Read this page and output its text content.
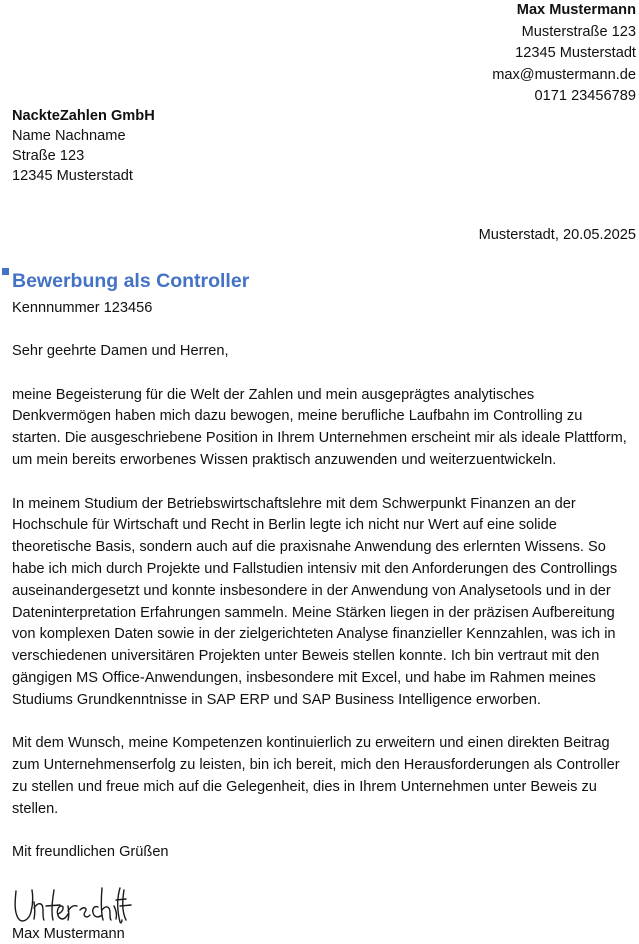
Max Mustermann
Musterstraße 123
12345 Musterstadt
max@mustermann.de
0171 23456789
NackteZahlen GmbH
Name Nachname
Straße 123
12345 Musterstadt
Musterstadt, 20.05.2025
Bewerbung als Controller
Kennnummer 123456

Sehr geehrte Damen und Herren,

meine Begeisterung für die Welt der Zahlen und mein ausgeprägtes analytisches Denkvermögen haben mich dazu bewogen, meine berufliche Laufbahn im Controlling zu starten. Die ausgeschriebene Position in Ihrem Unternehmen erscheint mir als ideale Plattform, um mein bereits erworbenes Wissen praktisch anzuwenden und weiterzuentwickeln.

In meinem Studium der Betriebswirtschaftslehre mit dem Schwerpunkt Finanzen an der Hochschule für Wirtschaft und Recht in Berlin legte ich nicht nur Wert auf eine solide theoretische Basis, sondern auch auf die praxisnahe Anwendung des erlernten Wissens. So habe ich mich durch Projekte und Fallstudien intensiv mit den Anforderungen des Controllings auseinandergesetzt und konnte insbesondere in der Anwendung von Analysetools und in der Dateninterpretation Erfahrungen sammeln. Meine Stärken liegen in der präzisen Aufbereitung von komplexen Daten sowie in der zielgerichteten Analyse finanzieller Kennzahlen, was ich in verschiedenen universitären Projekten unter Beweis stellen konnte. Ich bin vertraut mit den gängigen MS Office-Anwendungen, insbesondere mit Excel, und habe im Rahmen meines Studiums Grundkenntnisse in SAP ERP und SAP Business Intelligence erworben.

Mit dem Wunsch, meine Kompetenzen kontinuierlich zu erweitern und einen direkten Beitrag zum Unternehmenserfolg zu leisten, bin ich bereit, mich den Herausforderungen als Controller zu stellen und freue mich auf die Gelegenheit, dies in Ihrem Unternehmen unter Beweis zu stellen.

Mit freundlichen Grüßen

Max Mustermann
